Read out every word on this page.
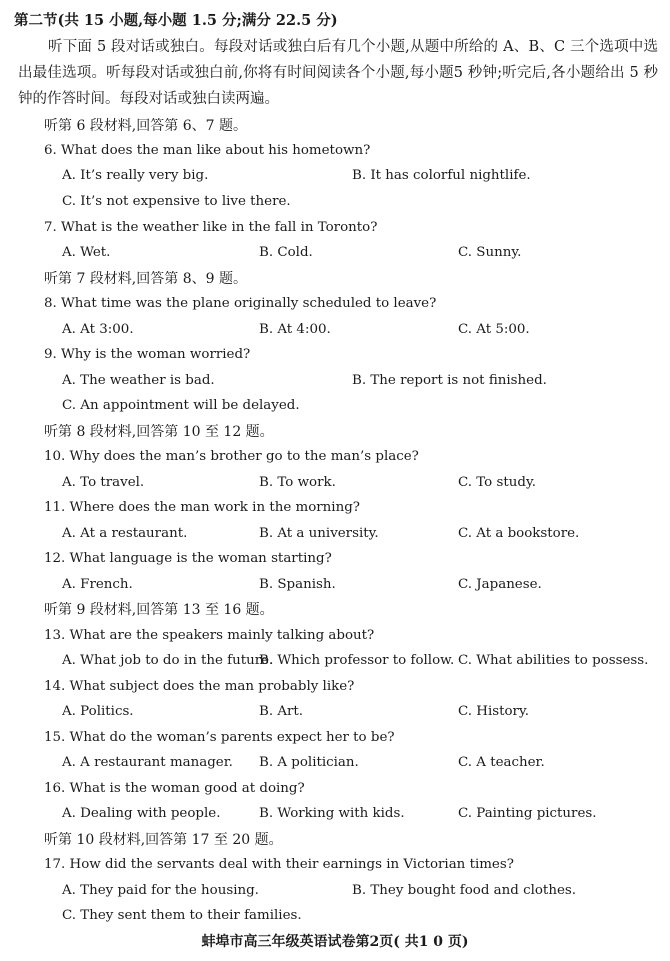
第二节(共 15 小题,每小题 1.5 分;满分 22.5 分)
听下面 5 段对话或独白。每段对话或独白后有几个小题,从题中所给的 A、B、C 三个选项中选出最佳选项。听每段对话或独白前,你将有时间阅读各个小题,每小题5 秒钟;听完后,各小题给出 5 秒钟的作答时间。每段对话或独白读两遍。
听第 6 段材料,回答第 6、7 题。
6. What does the man like about his hometown?
A. It’s really very big.	B. It has colorful nightlife.
C. It’s not expensive to live there.
7. What is the weather like in the fall in Toronto?
A. Wet.	B. Cold.	C. Sunny.
听第 7 段材料,回答第 8、9 题。
8. What time was the plane originally scheduled to leave?
A. At 3:00.	B. At 4:00.	C. At 5:00.
9. Why is the woman worried?
A. The weather is bad.	B. The report is not finished.
C. An appointment will be delayed.
听第 8 段材料,回答第 10 至 12 题。
10. Why does the man’s brother go to the man’s place?
A. To travel.	B. To work.	C. To study.
11. Where does the man work in the morning?
A. At a restaurant.	B. At a university.	C. At a bookstore.
12. What language is the woman starting?
A. French.	B. Spanish.	C. Japanese.
听第 9 段材料,回答第 13 至 16 题。
13. What are the speakers mainly talking about?
A. What job to do in the future.
B. Which professor to follow. C. What abilities to possess.
14. What subject does the man probably like?
A. Politics.	B. Art.	C. History.
15. What do the woman’s parents expect her to be?
A. A restaurant manager. B. A politician.	C. A teacher.
16. What is the woman good at doing?
A. Dealing with people.	B. Working with kids.	C. Painting pictures.
听第 10 段材料,回答第 17 至 20 题。
17. How did the servants deal with their earnings in Victorian times?
A. They paid for the housing.	B. They bought food and clothes.
C. They sent them to their families.
蚌埠市高三年级英语试卷第2页( 共1 0 页)
